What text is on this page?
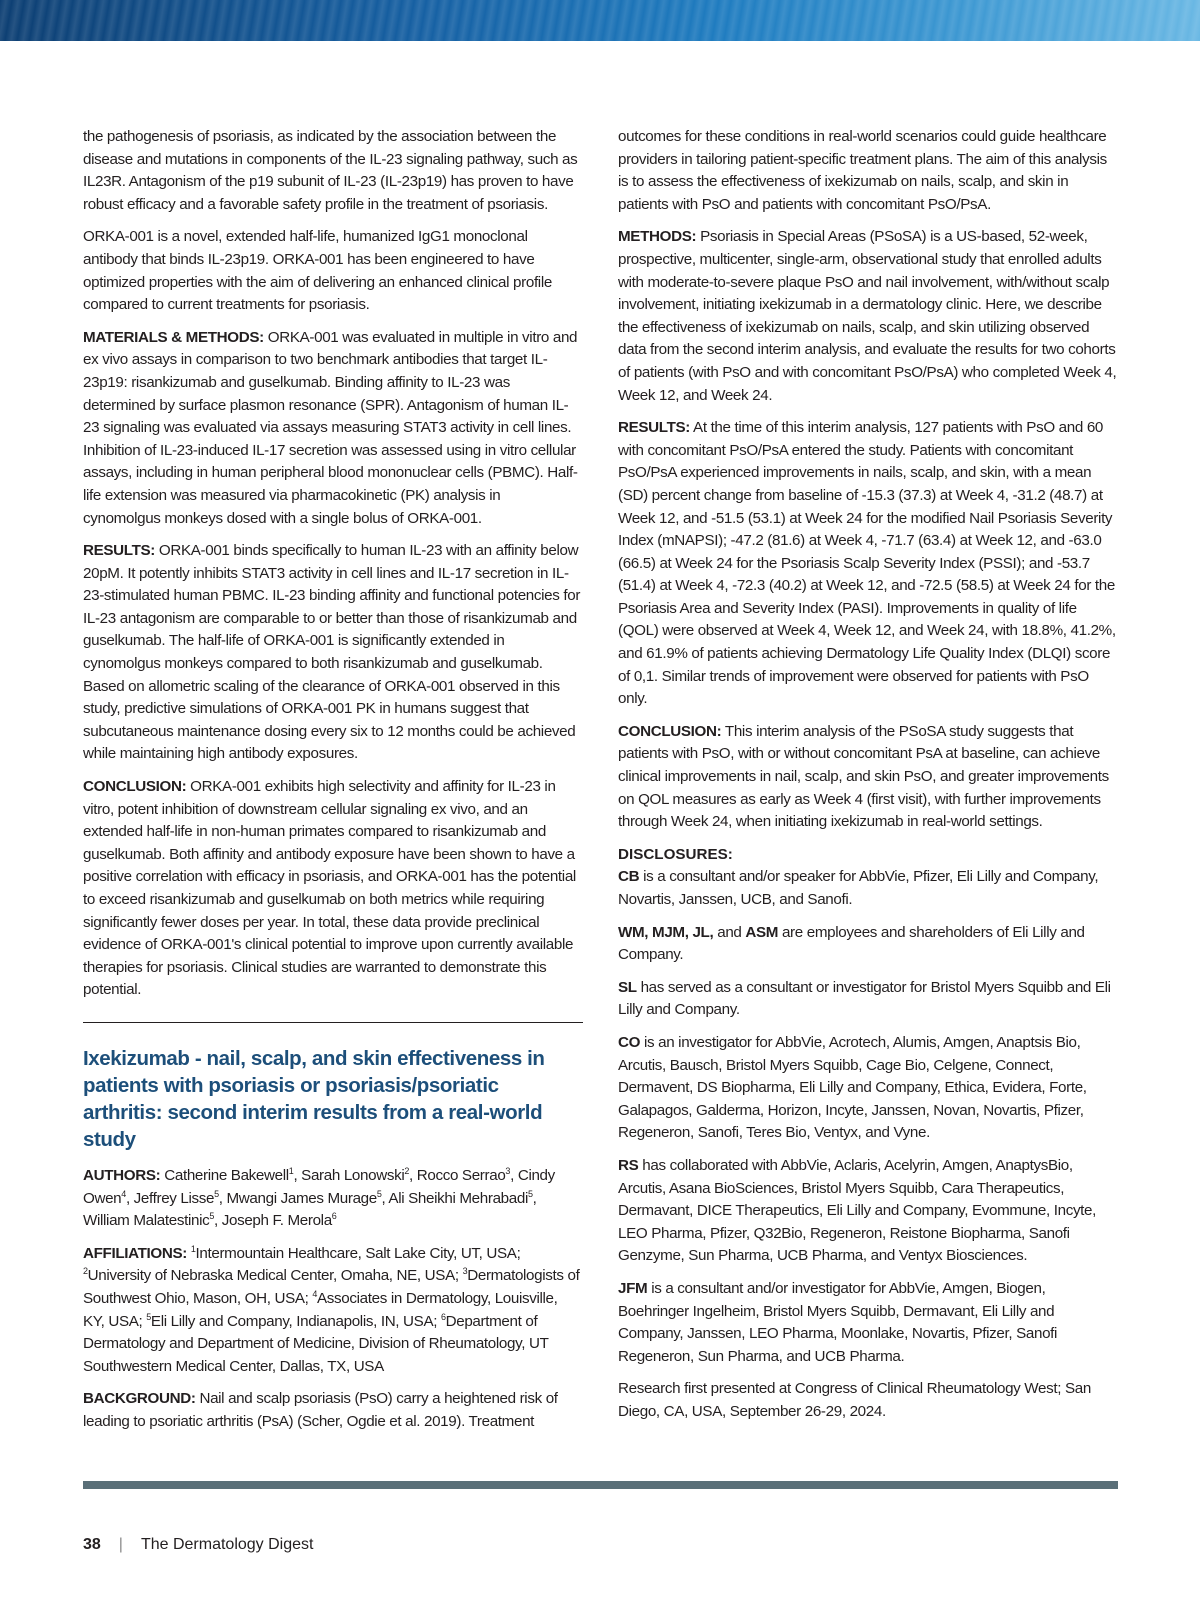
the pathogenesis of psoriasis, as indicated by the association between the disease and mutations in components of the IL-23 signaling pathway, such as IL23R. Antagonism of the p19 subunit of IL-23 (IL-23p19) has proven to have robust efficacy and a favorable safety profile in the treatment of psoriasis.

ORKA-001 is a novel, extended half-life, humanized IgG1 monoclonal antibody that binds IL-23p19. ORKA-001 has been engineered to have optimized properties with the aim of delivering an enhanced clinical profile compared to current treatments for psoriasis.

MATERIALS & METHODS: ORKA-001 was evaluated in multiple in vitro and ex vivo assays in comparison to two benchmark antibodies that target IL-23p19: risankizumab and guselkumab. Binding affinity to IL-23 was determined by surface plasmon resonance (SPR). Antagonism of human IL-23 signaling was evaluated via assays measuring STAT3 activity in cell lines. Inhibition of IL-23-induced IL-17 secretion was assessed using in vitro cellular assays, including in human peripheral blood mononuclear cells (PBMC). Half-life extension was measured via pharmacokinetic (PK) analysis in cynomolgus monkeys dosed with a single bolus of ORKA-001.

RESULTS: ORKA-001 binds specifically to human IL-23 with an affinity below 20pM. It potently inhibits STAT3 activity in cell lines and IL-17 secretion in IL-23-stimulated human PBMC. IL-23 binding affinity and functional potencies for IL-23 antagonism are comparable to or better than those of risankizumab and guselkumab. The half-life of ORKA-001 is significantly extended in cynomolgus monkeys compared to both risankizumab and guselkumab. Based on allometric scaling of the clearance of ORKA-001 observed in this study, predictive simulations of ORKA-001 PK in humans suggest that subcutaneous maintenance dosing every six to 12 months could be achieved while maintaining high antibody exposures.

CONCLUSION: ORKA-001 exhibits high selectivity and affinity for IL-23 in vitro, potent inhibition of downstream cellular signaling ex vivo, and an extended half-life in non-human primates compared to risankizumab and guselkumab. Both affinity and antibody exposure have been shown to have a positive correlation with efficacy in psoriasis, and ORKA-001 has the potential to exceed risankizumab and guselkumab on both metrics while requiring significantly fewer doses per year. In total, these data provide preclinical evidence of ORKA-001's clinical potential to improve upon currently available therapies for psoriasis. Clinical studies are warranted to demonstrate this potential.

Ixekizumab - nail, scalp, and skin effectiveness in patients with psoriasis or psoriasis/psoriatic arthritis: second interim results from a real-world study

AUTHORS: Catherine Bakewell$^1$, Sarah Lonowski$^2$, Rocco Serrao$^3$, Cindy Owen$^4$, Jeffrey Lisse$^5$, Mwangi James Murage$^5$, Ali Sheikhi Mehrabadi$^5$, William Malatestinic$^5$, Joseph F. Merola$^6$

AFFILIATIONS: $^1$Intermountain Healthcare, Salt Lake City, UT, USA; $^2$University of Nebraska Medical Center, Omaha, NE, USA; $^3$Dermatologists of Southwest Ohio, Mason, OH, USA; $^4$Associates in Dermatology, Louisville, KY, USA; $^5$Eli Lilly and Company, Indianapolis, IN, USA; $^6$Department of Dermatology and Department of Medicine, Division of Rheumatology, UT Southwestern Medical Center, Dallas, TX, USA

BACKGROUND: Nail and scalp psoriasis (PsO) carry a heightened risk of leading to psoriatic arthritis (PsA) (Scher, Ogdie et al. 2019). Treatment

outcomes for these conditions in real-world scenarios could guide healthcare providers in tailoring patient-specific treatment plans. The aim of this analysis is to assess the effectiveness of ixekizumab on nails, scalp, and skin in patients with PsO and patients with concomitant PsO/PsA.

METHODS: Psoriasis in Special Areas (PSoSA) is a US-based, 52-week, prospective, multicenter, single-arm, observational study that enrolled adults with moderate-to-severe plaque PsO and nail involvement, with/without scalp involvement, initiating ixekizumab in a dermatology clinic. Here, we describe the effectiveness of ixekizumab on nails, scalp, and skin utilizing observed data from the second interim analysis, and evaluate the results for two cohorts of patients (with PsO and with concomitant PsO/PsA) who completed Week 4, Week 12, and Week 24.

RESULTS: At the time of this interim analysis, 127 patients with PsO and 60 with concomitant PsO/PsA entered the study. Patients with concomitant PsO/PsA experienced improvements in nails, scalp, and skin, with a mean (SD) percent change from baseline of -15.3 (37.3) at Week 4, -31.2 (48.7) at Week 12, and -51.5 (53.1) at Week 24 for the modified Nail Psoriasis Severity Index (mNAPSI); -47.2 (81.6) at Week 4, -71.7 (63.4) at Week 12, and -63.0 (66.5) at Week 24 for the Psoriasis Scalp Severity Index (PSSI); and -53.7 (51.4) at Week 4, -72.3 (40.2) at Week 12, and -72.5 (58.5) at Week 24 for the Psoriasis Area and Severity Index (PASI). Improvements in quality of life (QOL) were observed at Week 4, Week 12, and Week 24, with 18.8%, 41.2%, and 61.9% of patients achieving Dermatology Life Quality Index (DLQI) score of 0,1. Similar trends of improvement were observed for patients with PsO only.

CONCLUSION: This interim analysis of the PSoSA study suggests that patients with PsO, with or without concomitant PsA at baseline, can achieve clinical improvements in nail, scalp, and skin PsO, and greater improvements on QOL measures as early as Week 4 (first visit), with further improvements through Week 24, when initiating ixekizumab in real-world settings.

DISCLOSURES:

CB is a consultant and/or speaker for AbbVie, Pfizer, Eli Lilly and Company, Novartis, Janssen, UCB, and Sanofi.

WM, MJM, JL, and ASM are employees and shareholders of Eli Lilly and Company.

SL has served as a consultant or investigator for Bristol Myers Squibb and Eli Lilly and Company.

CO is an investigator for AbbVie, Acrotech, Alumis, Amgen, Anaptsis Bio, Arcutis, Bausch, Bristol Myers Squibb, Cage Bio, Celgene, Connect, Dermavent, DS Biopharma, Eli Lilly and Company, Ethica, Evidera, Forte, Galapagos, Galderma, Horizon, Incyte, Janssen, Novan, Novartis, Pfizer, Regeneron, Sanofi, Teres Bio, Ventyx, and Vyne.

RS has collaborated with AbbVie, Aclaris, Acelyrin, Amgen, AnaptysBio, Arcutis, Asana BioSciences, Bristol Myers Squibb, Cara Therapeutics, Dermavant, DICE Therapeutics, Eli Lilly and Company, Evommune, Incyte, LEO Pharma, Pfizer, Q32Bio, Regeneron, Reistone Biopharma, Sanofi Genzyme, Sun Pharma, UCB Pharma, and Ventyx Biosciences.

JFM is a consultant and/or investigator for AbbVie, Amgen, Biogen, Boehringer Ingelheim, Bristol Myers Squibb, Dermavant, Eli Lilly and Company, Janssen, LEO Pharma, Moonlake, Novartis, Pfizer, Sanofi Regeneron, Sun Pharma, and UCB Pharma.

Research first presented at Congress of Clinical Rheumatology West; San Diego, CA, USA, September 26-29, 2024.

38 | The Dermatology Digest
